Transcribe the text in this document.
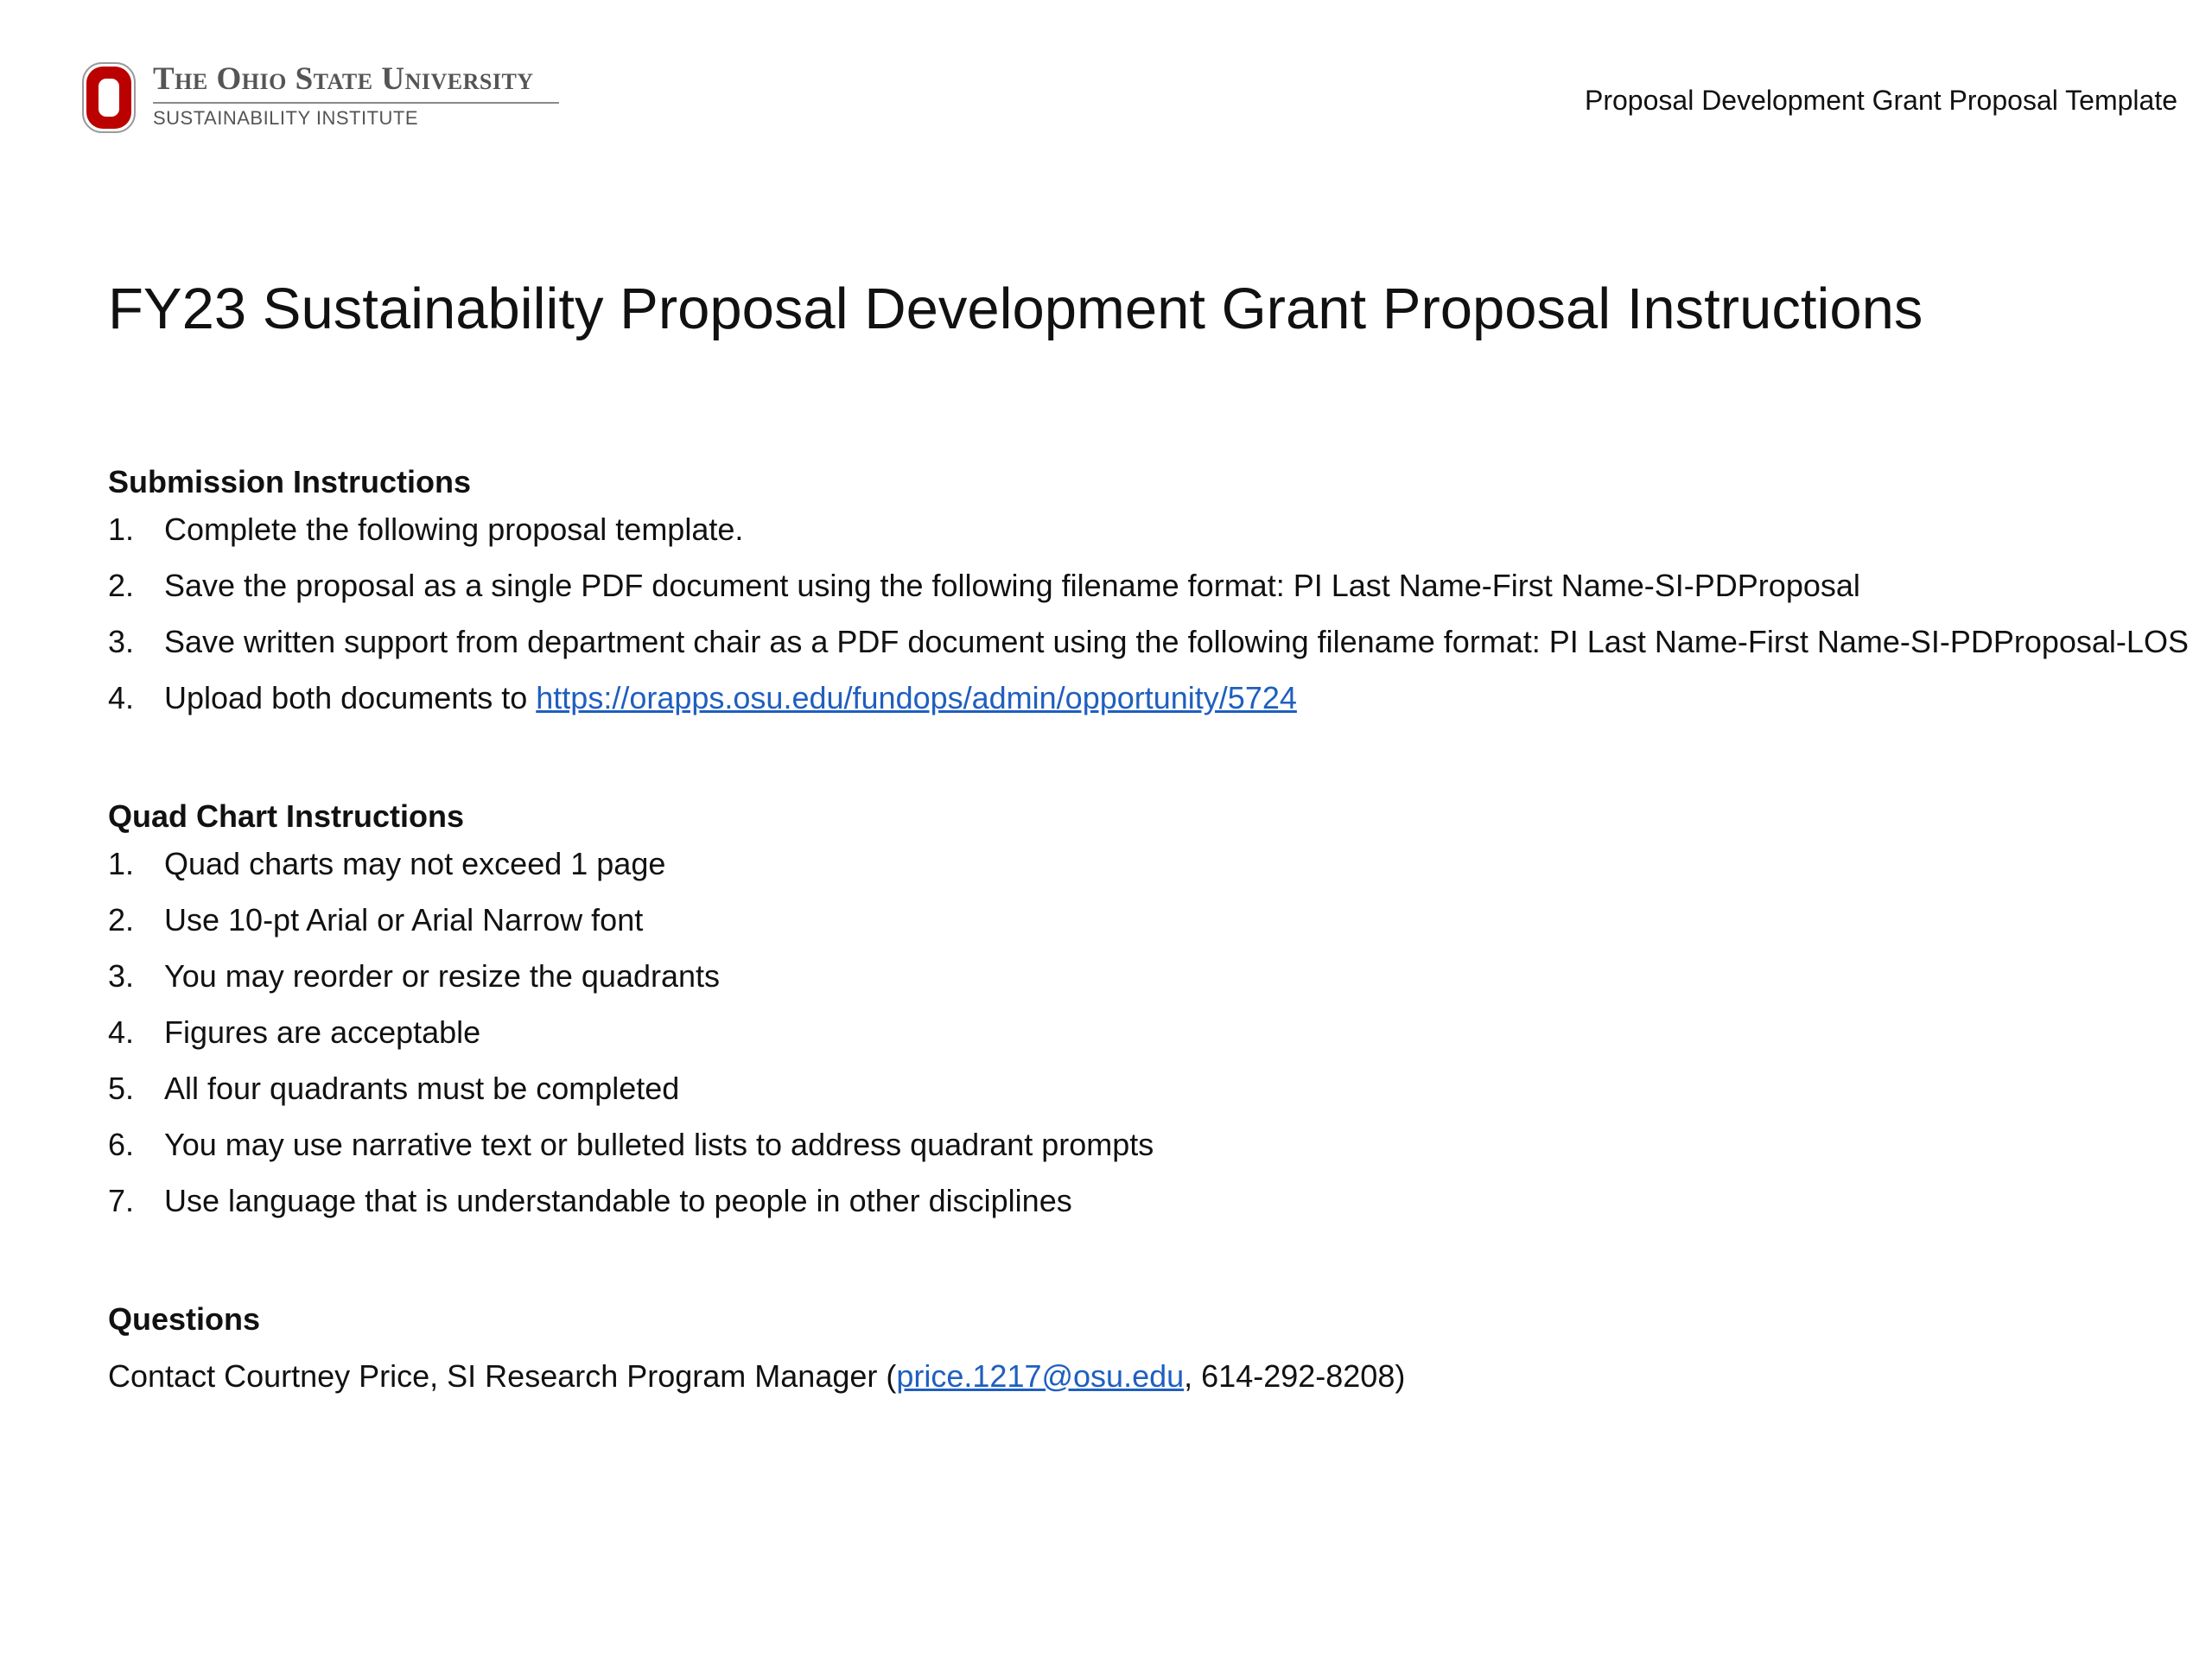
The Ohio State University
SUSTAINABILITY INSTITUTE
Proposal Development Grant Proposal Template
FY23 Sustainability Proposal Development Grant Proposal Instructions
Submission Instructions
1. Complete the following proposal template.
2. Save the proposal as a single PDF document using the following filename format: PI Last Name-First Name-SI-PDProposal
3. Save written support from department chair as a PDF document using the following filename format: PI Last Name-First Name-SI-PDProposal-LOS
4. Upload both documents to https://orapps.osu.edu/fundops/admin/opportunity/5724
Quad Chart Instructions
1. Quad charts may not exceed 1 page
2. Use 10-pt Arial or Arial Narrow font
3. You may reorder or resize the quadrants
4. Figures are acceptable
5. All four quadrants must be completed
6. You may use narrative text or bulleted lists to address quadrant prompts
7. Use language that is understandable to people in other disciplines
Questions
Contact Courtney Price, SI Research Program Manager (price.1217@osu.edu, 614-292-8208)
